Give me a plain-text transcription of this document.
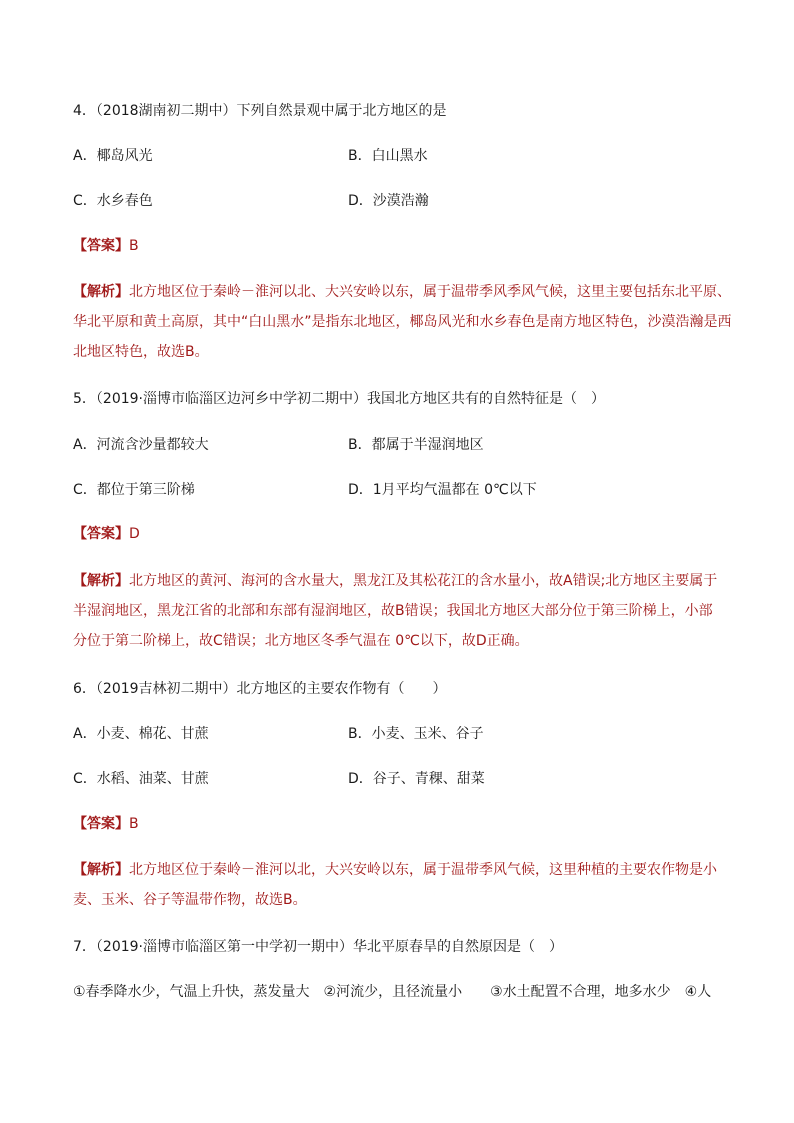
4．（2018湖南初二期中）下列自然景观中属于北方地区的是
A．椰岛风光	B．白山黑水
C．水乡春色	D．沙漠浩瀚
【答案】B
【解析】北方地区位于秦岭－淮河以北、大兴安岭以东，属于温带季风季风气候，这里主要包括东北平原、
华北平原和黄土高原，其中“白山黑水”是指东北地区，椰岛风光和水乡春色是南方地区特色，沙漠浩瀚是西
北地区特色，故选B。
5．（2019·淄博市临淄区边河乡中学初二期中）我国北方地区共有的自然特征是（　）
A．河流含沙量都较大	B．都属于半湿润地区
C．都位于第三阶梯	D．1月平均气温都在 0℃以下
【答案】D
【解析】北方地区的黄河、海河的含水量大，黑龙江及其松花江的含水量小，故A错误;北方地区主要属于
半湿润地区，黑龙江省的北部和东部有湿润地区，故B错误；我国北方地区大部分位于第三阶梯上，小部
分位于第二阶梯上，故C错误；北方地区冬季气温在 0℃以下，故D正确。
6．（2019吉林初二期中）北方地区的主要农作物有（　　）
A．小麦、棉花、甘蔗	B．小麦、玉米、谷子
C．水稻、油菜、甘蔗	D．谷子、青稞、甜菜
【答案】B
【解析】北方地区位于秦岭－淮河以北，大兴安岭以东，属于温带季风气候，这里种植的主要农作物是小
麦、玉米、谷子等温带作物，故选B。
7．（2019·淄博市临淄区第一中学初一期中）华北平原春旱的自然原因是（　）
①春季降水少，气温上升快，蒸发量大　②河流少，且径流量小　　③水土配置不合理，地多水少　④人
